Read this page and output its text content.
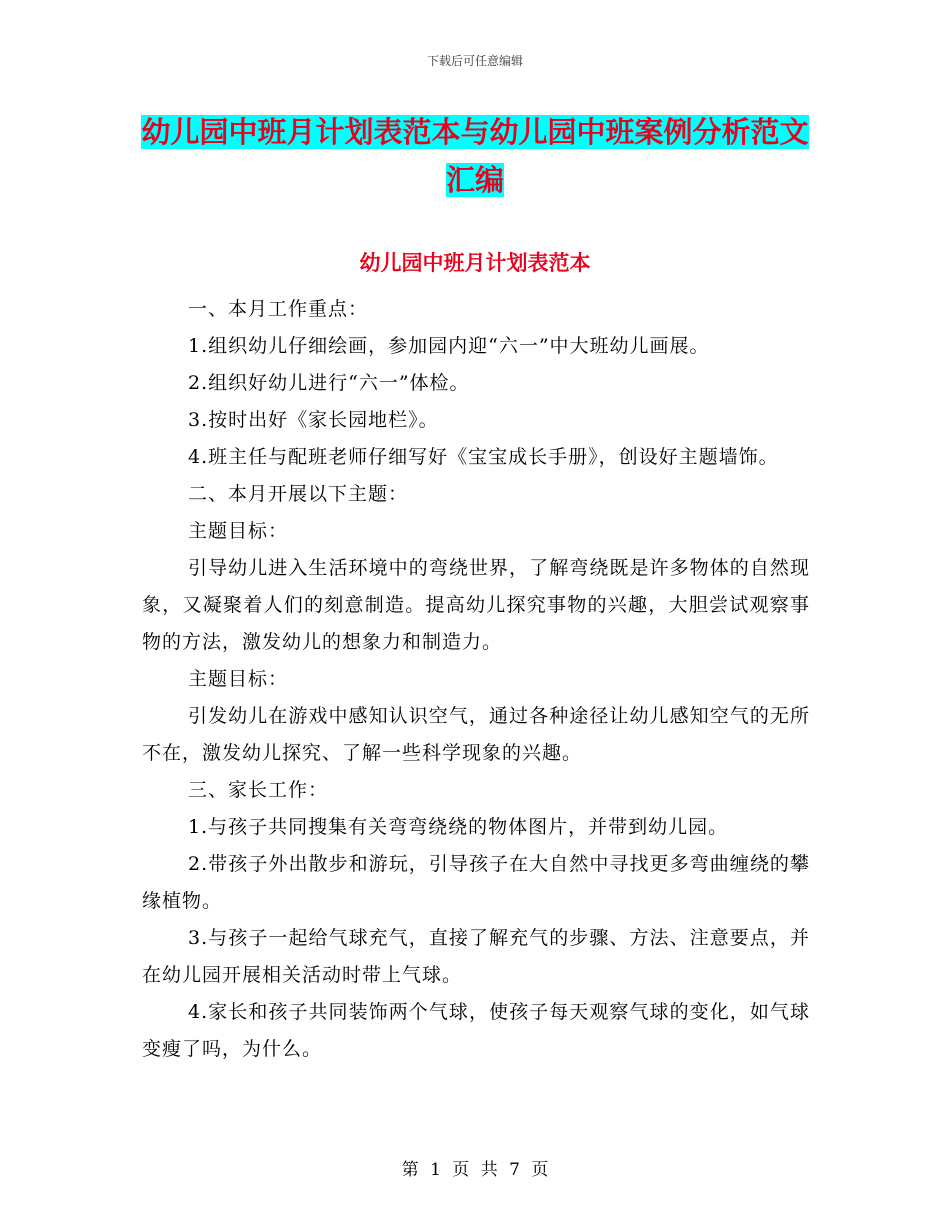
下载后可任意编辑
幼儿园中班月计划表范本与幼儿园中班案例分析范文
汇编
幼儿园中班月计划表范本

一、本月工作重点：

1.组织幼儿仔细绘画，参加园内迎“六一”中大班幼儿画展。

2.组织好幼儿进行“六一”体检。

3.按时出好《家长园地栏》。

4.班主任与配班老师仔细写好《宝宝成长手册》，创设好主题墙饰。

二、本月开展以下主题：

主题目标：

引导幼儿进入生活环境中的弯绕世界，了解弯绕既是许多物体的自然现象，又凝聚着人们的刻意制造。提高幼儿探究事物的兴趣，大胆尝试观察事物的方法，激发幼儿的想象力和制造力。

主题目标：

引发幼儿在游戏中感知认识空气，通过各种途径让幼儿感知空气的无所不在，激发幼儿探究、了解一些科学现象的兴趣。

三、家长工作：

1.与孩子共同搜集有关弯弯绕绕的物体图片，并带到幼儿园。

2.带孩子外出散步和游玩，引导孩子在大自然中寻找更多弯曲缠绕的攀缘植物。

3.与孩子一起给气球充气，直接了解充气的步骤、方法、注意要点，并在幼儿园开展相关活动时带上气球。

4.家长和孩子共同装饰两个气球，使孩子每天观察气球的变化，如气球变瘦了吗，为什么。

第 1 页 共 7 页
